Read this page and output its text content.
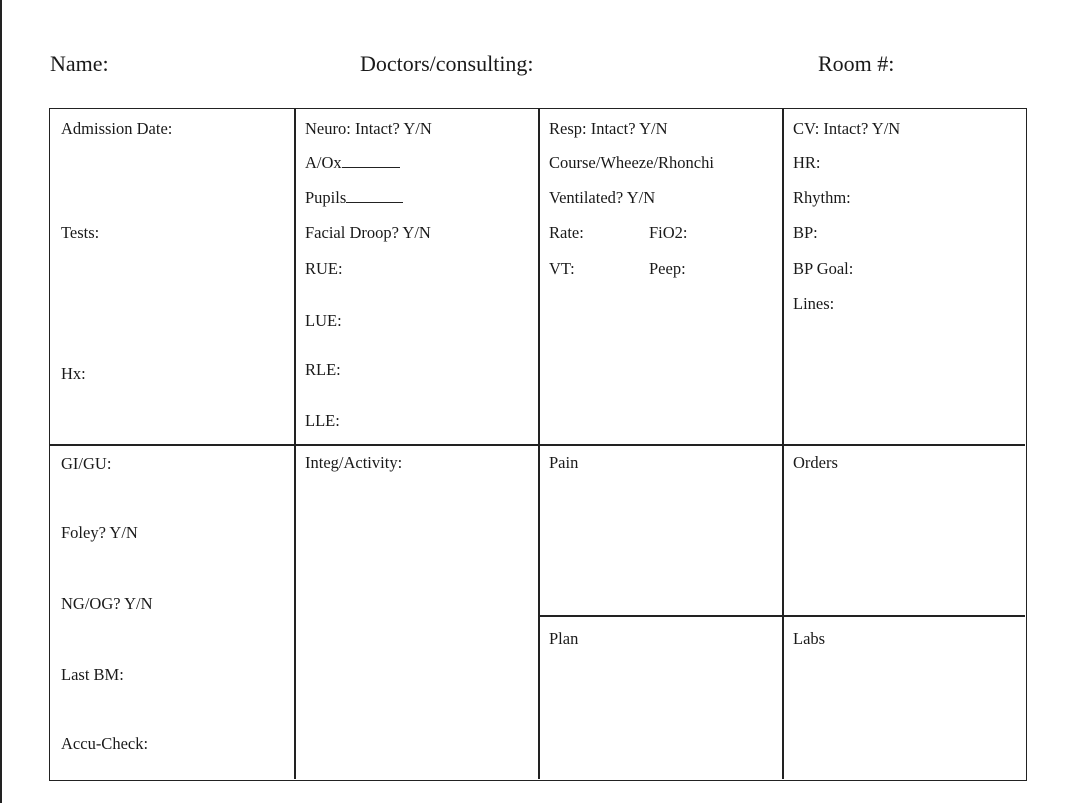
Name:	Doctors/consulting:	Room #:
Admission Date:
Tests:
Hx:
Neuro: Intact? Y/N
A/Ox
Pupils
Facial Droop? Y/N
RUE:
LUE:
RLE:
LLE:
Resp: Intact? Y/N
Course/Wheeze/Rhonchi
Ventilated? Y/N
Rate:	FiO2:
VT:	Peep:
CV: Intact? Y/N
HR:
Rhythm:
BP:
BP Goal:
Lines:
GI/GU:
Foley? Y/N
NG/OG? Y/N
Last BM:
Accu-Check:
Integ/Activity:	Pain
Plan
Orders
Labs
